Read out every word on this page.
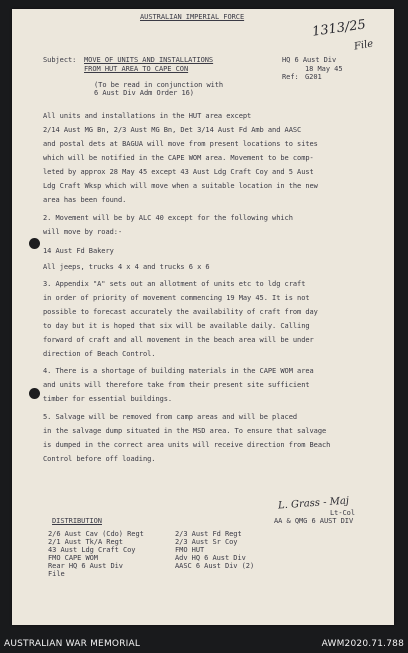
AUSTRALIAN IMPERIAL FORCE
Subject: MOVE OF UNITS AND INSTALLATIONS
FROM HUT AREA TO CAPE CON
HQ 6 Aust Div
18 May 45
Ref: G201
1313/25
File
(To be read in conjunction with
6 Aust Div Adm Order 16)
All units and installations in the HUT area except
2/14 Aust MG Bn, 2/3 Aust MG Bn, Det 3/14 Aust Fd Amb and AASC
and postal dets at BAGUA will move from present locations to sites
which will be notified in the CAPE WOM area. Movement to be comp-
leted by approx 28 May 45 except 43 Aust Ldg Craft Coy and 5 Aust
Ldg Craft Wksp which will move when a suitable location in the new
area has been found.
2. Movement will be by ALC 40 except for the following which
will move by road:-
14 Aust Fd Bakery
All jeeps, trucks 4 x 4 and trucks 6 x 6
3. Appendix "A" sets out an allotment of units etc to ldg craft
in order of priority of movement commencing 19 May 45. It is not
possible to forecast accurately the availability of craft from day
to day but it is hoped that six will be available daily. Calling
forward of craft and all movement in the beach area will be under
direction of Beach Control.
4. There is a shortage of building materials in the CAPE WOM area
and units will therefore take from their present site sufficient
timber for essential buildings.
5. Salvage will be removed from camp areas and will be placed
in the salvage dump situated in the MSD area. To ensure that salvage
is dumped in the correct area units will receive direction from Beach
Control before off loading.
L. Grass - Maj
Lt-Col
AA & QMG 6 AUST DIV
DISTRIBUTION
2/6 Aust Cav (Cdo) Regt
2/1 Aust Tk/A Regt
43 Aust Ldg Craft Coy
FMO CAPE WOM
Rear HQ 6 Aust Div
File
2/3 Aust Fd Regt
2/3 Aust Sr Coy
FMO HUT
Adv HQ 6 Aust Div
AASC 6 Aust Div (2)
AUSTRALIAN WAR MEMORIAL	AWM2020.71.788
